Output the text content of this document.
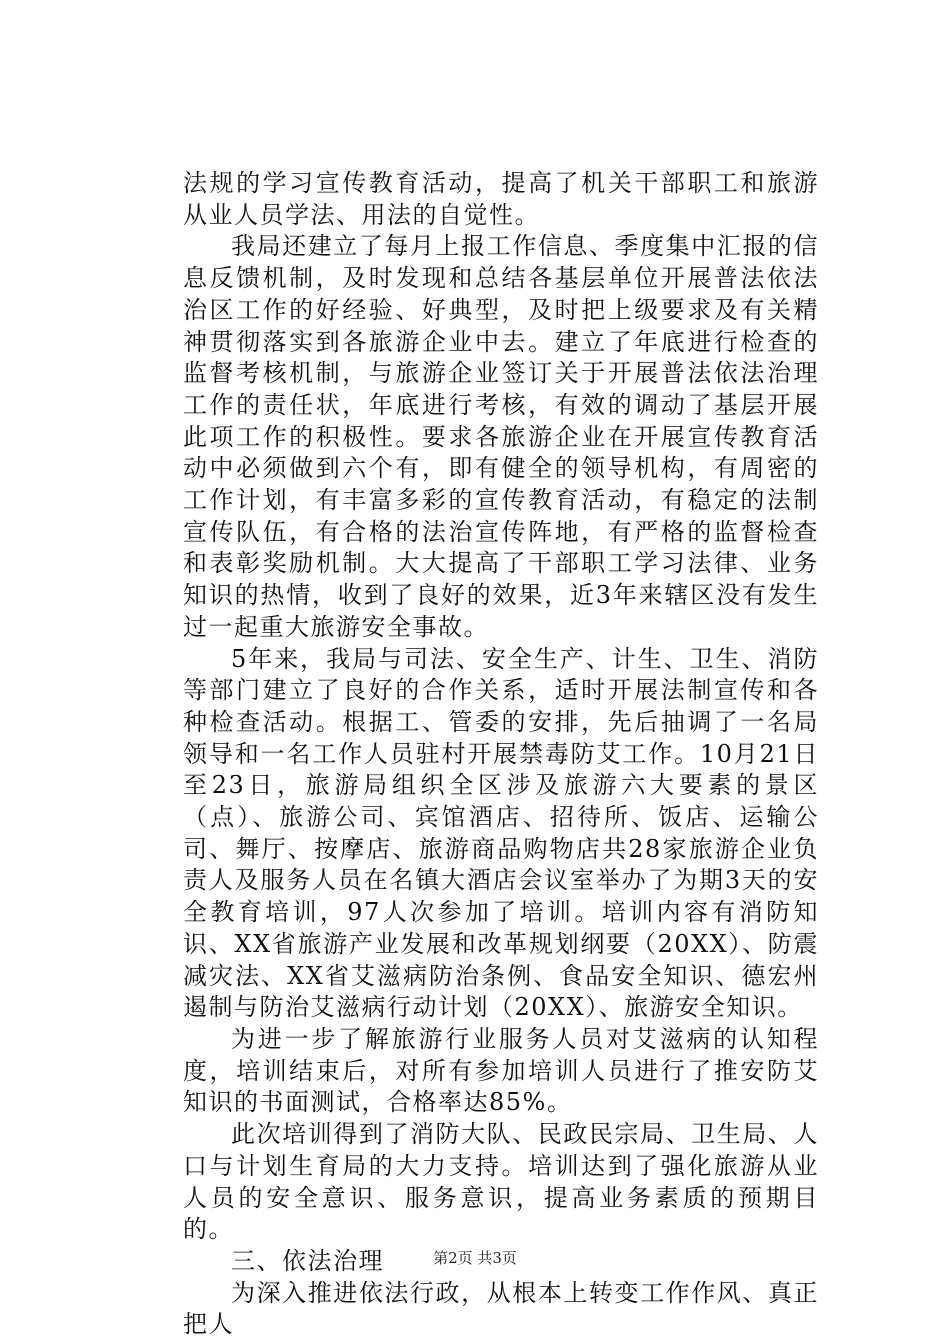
法规的学习宣传教育活动，提高了机关干部职工和旅游从业人员学法、用法的自觉性。

我局还建立了每月上报工作信息、季度集中汇报的信息反馈机制，及时发现和总结各基层单位开展普法依法治区工作的好经验、好典型，及时把上级要求及有关精神贯彻落实到各旅游企业中去。建立了年底进行检查的监督考核机制，与旅游企业签订关于开展普法依法治理工作的责任状，年底进行考核，有效的调动了基层开展此项工作的积极性。要求各旅游企业在开展宣传教育活动中必须做到六个有，即有健全的领导机构，有周密的工作计划，有丰富多彩的宣传教育活动，有稳定的法制宣传队伍，有合格的法治宣传阵地，有严格的监督检查和表彰奖励机制。大大提高了干部职工学习法律、业务知识的热情，收到了良好的效果，近3年来辖区没有发生过一起重大旅游安全事故。

5年来，我局与司法、安全生产、计生、卫生、消防等部门建立了良好的合作关系，适时开展法制宣传和各种检查活动。根据工、管委的安排，先后抽调了一名局领导和一名工作人员驻村开展禁毒防艾工作。10月21日至23日，旅游局组织全区涉及旅游六大要素的景区（点）、旅游公司、宾馆酒店、招待所、饭店、运输公司、舞厅、按摩店、旅游商品购物店共28家旅游企业负责人及服务人员在名镇大酒店会议室举办了为期3天的安全教育培训，97人次参加了培训。培训内容有消防知识、XX省旅游产业发展和改革规划纲要（20XX）、防震减灾法、XX省艾滋病防治条例、食品安全知识、德宏州遏制与防治艾滋病行动计划（20XX）、旅游安全知识。

为进一步了解旅游行业服务人员对艾滋病的认知程度，培训结束后，对所有参加培训人员进行了推安防艾知识的书面测试，合格率达85%。

此次培训得到了消防大队、民政民宗局、卫生局、人口与计划生育局的大力支持。培训达到了强化旅游从业人员的安全意识、服务意识，提高业务素质的预期目的。

三、依法治理

为深入推进依法行政，从根本上转变工作作风、真正把人

第2页 共3页
